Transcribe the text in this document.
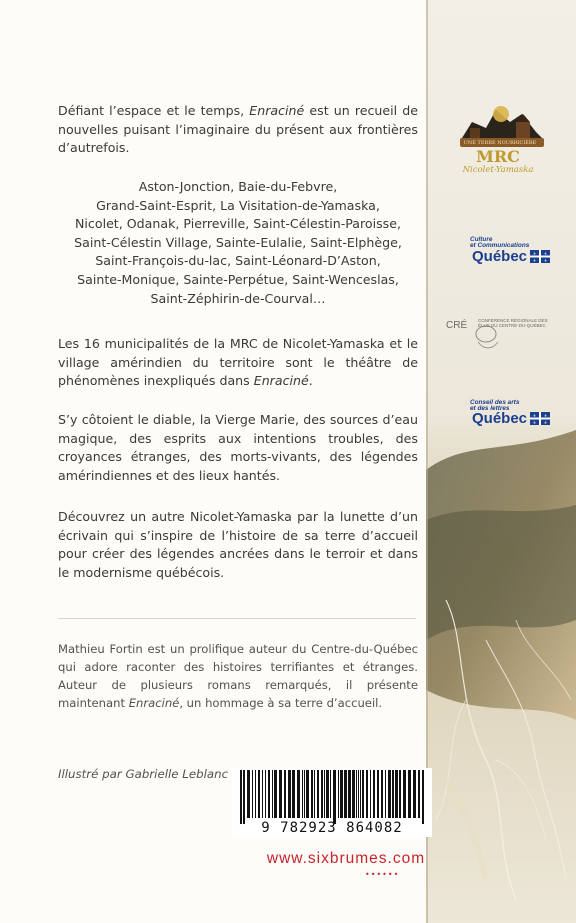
Défiant l’espace et le temps, Enraciné est un recueil de nouvelles puisant l’imaginaire du présent aux frontières d’autrefois.

Aston-Jonction, Baie-du-Febvre,
Grand-Saint-Esprit, La Visitation-de-Yamaska,
Nicolet, Odanak, Pierreville, Saint-Célestin-Paroisse,
Saint-Célestin Village, Sainte-Eulalie, Saint-Elphège,
Saint-François-du-lac, Saint-Léonard-D’Aston,
Sainte-Monique, Sainte-Perpétue, Saint-Wenceslas,
Saint-Zéphirin-de-Courval…

Les 16 municipalités de la MRC de Nicolet-Yamaska et le village amérindien du territoire sont le théâtre de phénomènes inexpliqués dans Enraciné.

S’y côtoient le diable, la Vierge Marie, des sources d’eau magique, des esprits aux intentions troubles, des croyances étranges, des morts-vivants, des légendes amérindiennes et des lieux hantés.

Découvrez un autre Nicolet-Yamaska par la lunette d’un écrivain qui s’inspire de l’histoire de sa terre d’accueil pour créer des légendes ancrées dans le terroir et dans le modernisme québécois.

Mathieu Fortin est un prolifique auteur du Centre-du-Québec qui adore raconter des histoires terrifiantes et étranges. Auteur de plusieurs romans remarqués, il présente maintenant Enraciné, un hommage à sa terre d’accueil.

Illustré par Gabrielle Leblanc

9 782923 864082
www.sixbrumes.com
••••••
UNE TERRE NOURRICIÈRE
MRC
Nicolet-Yamaska
Culture
et Communications
Québec ⚜ ⚜
⚜ ⚜
CRÉ CONFÉRENCE RÉGIONALE DES ÉLUS DU CENTRE-DU-QUÉBEC
Conseil des arts
et des lettres
Québec ⚜ ⚜
⚜ ⚜
